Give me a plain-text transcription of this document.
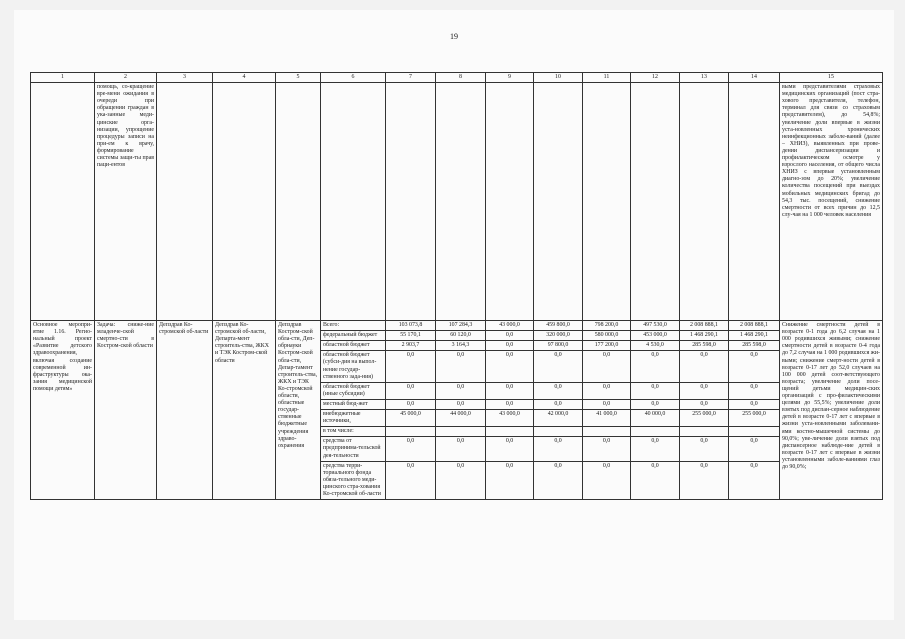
19
1	2	3	4	5	6	7	8	9	10	11	12	13	14	15
	помощь, со-кращение вре-мени ожидания в очереди при обращении граждан в ука-занные меди-цинские орга-низации, упрощение процедуры записи на при-ем к врачу, формирование системы защи-ты прав паци-ентов													выми представителями страховых медицинских организаций (пост стра-хового представителя, телефон, терминал для связи со страховым представителем), до 54,8%; увеличение доли впервые в жизни уста-новленных хронических неинфекционных заболе-ваний (далее – ХНИЗ), выявленных при прове-дении диспансеризации и профилактическом осмотре у взрослого населения, от общего числа ХНИЗ с впервые установленным диагно-зом до 20%; увеличение количества посещений при выездах мобильных медицинских бригад до 54,3 тыс. посещений, снижение смертности от всех причин до 12,5 слу-чая на 1 000 человек населения
Основное меропри-ятие 1.16. Регио-нальный проект «Развитие детского здравоохранения, включая создание современной ин-фраструктуры ока-зания медицинской помощи детям»	Задача: сниже-ние младенче-ской смертно-сти в Костром-ской области	Депздрав Ко-стромской об-ласти	Депздрав Ко-стромской об-ласти, Департа-мент строитель-ства, ЖКХ и ТЭК Костром-ской области	Депздрав Костром-ской обла-сти, Деп-обрнауки Костром-ской обла-сти, Депар-тамент строитель-ства, ЖКХ и ТЭК Ко-стромской области, областные государ-ственные бюджетные учреждения здраво-охранения	Всего:	103 073,8	107 284,3	43 000,0	459 800,0	798 200,0	497 530,0	2 008 888,1	2 008 888,1	Снижение смертности детей в возрасте 0-1 года до 6,2 случая на 1 000 родившихся живыми; снижение смертности детей в возрасте 0-4 года до 7,2 случая на 1 000 родившихся жи-выми; снижение смерт-ности детей в возрасте 0-17 лет до 52,0 случаев на 100 000 детей соот-ветствующего возраста; увеличение доли посе-щений детьми медицин-ских организаций с про-филактическими целями до 55,5%; увеличение доли взятых под диспан-серное наблюдение детей в возрасте 0-17 лет с впервые в жизни уста-новленными заболевани-ями костно-мышечной системы до 90,0%; уве-личение доли взятых под диспансерное наблюде-ние детей в возрасте 0-17 лет с впервые в жизни установленными заболе-ваниями глаз до 90,0%;
					федеральный бюджет	55 170,1	60 120,0	0,0	320 000,0	580 000,0	453 000,0	1 468 290,1	1 468 290,1	
					областной бюджет	2 903,7	3 164,3	0,0	97 800,0	177 200,0	4 530,0	285 598,0	285 598,0	
					областной бюджет (субси-дия на выпол-нение государ-ственного зада-ния)	0,0	0,0	0,0	0,0	0,0	0,0	0,0	0,0	
					областной бюджет (иные субсидии)	0,0	0,0	0,0	0,0	0,0	0,0	0,0	0,0	
					местный бюд-жет	0,0	0,0	0,0	0,0	0,0	0,0	0,0	0,0	
					внебюджетные источники,	45 000,0	44 000,0	43 000,0	42 000,0	41 000,0	40 000,0	255 000,0	255 000,0	
					в том числе:									
					средства от предпринима-тельской дея-тельности	0,0	0,0	0,0	0,0	0,0	0,0	0,0	0,0	
					средства терри-ториального фонда обяза-тельного меди-цинского стра-хования Ко-стромской об-ласти	0,0	0,0	0,0	0,0	0,0	0,0	0,0	0,0	
